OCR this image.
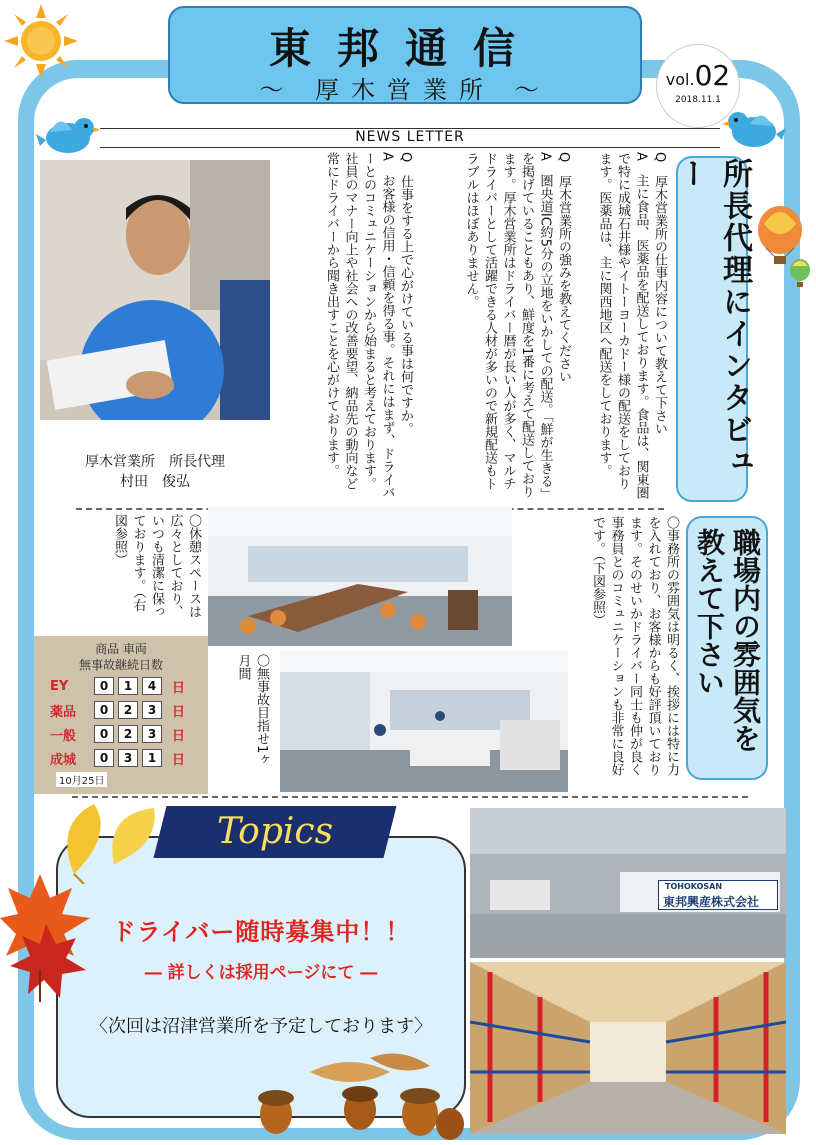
東邦通信
～ 厚木営業所 ～	vol.02
2018.11.1
NEWS LETTER
所長代理にインタビュー
Q　厚木営業所の仕事内容について教えて下さい
A　主に食品、医薬品を配送しております。食品は、関東圏で特に成城石井様やイトーヨーカドー様の配送をしております。医薬品は、主に関西地区へ配送をしております。
Q　厚木営業所の強みを教えてください
A　圏央道IC約5分の立地をいかしての配送。「鮮が生きる」を掲げていることもあり、鮮度を1番に考えて配送しております。厚木営業所はドライバー暦が長い人が多く、マルチドライバーとして活躍できる人材が多いので新規配送もトラブルはほぼありません。
Q　仕事をする上で心がけている事は何ですか。
A　お客様の信用・信頼を得る事。それにはまず、ドライバーとのコミュニケーションから始まると考えております。社員のマナー向上や社会への改善要望、納品先の動向など常にドライバーから聞き出すことを心がけております。
厚木営業所　所長代理
村田　俊弘
職場内の雰囲気を教えて下さい
〇事務所の雰囲気は明るく、挨拶には特に力を入れており、お客様からも好評頂いております。そのせいかドライバー同士も仲が良く事務員とのコミュニケーションも非常に良好です。（下図参照）
〇休憩スペースは広々としており、いつも清潔に保っております。（右図参照）
〇無事故目指せ1ヶ月間
商品 車両
無事故継続日数
EY	0	1	4	日
薬品	0	2	3	日
一般	0	2	3	日
成城	0	3	1	日
10月25日
TOHOKOSAN
東邦興産株式会社
Topics
ドライバー随時募集中！！
― 詳しくは採用ページにて ―
〈次回は沼津営業所を予定しております〉
